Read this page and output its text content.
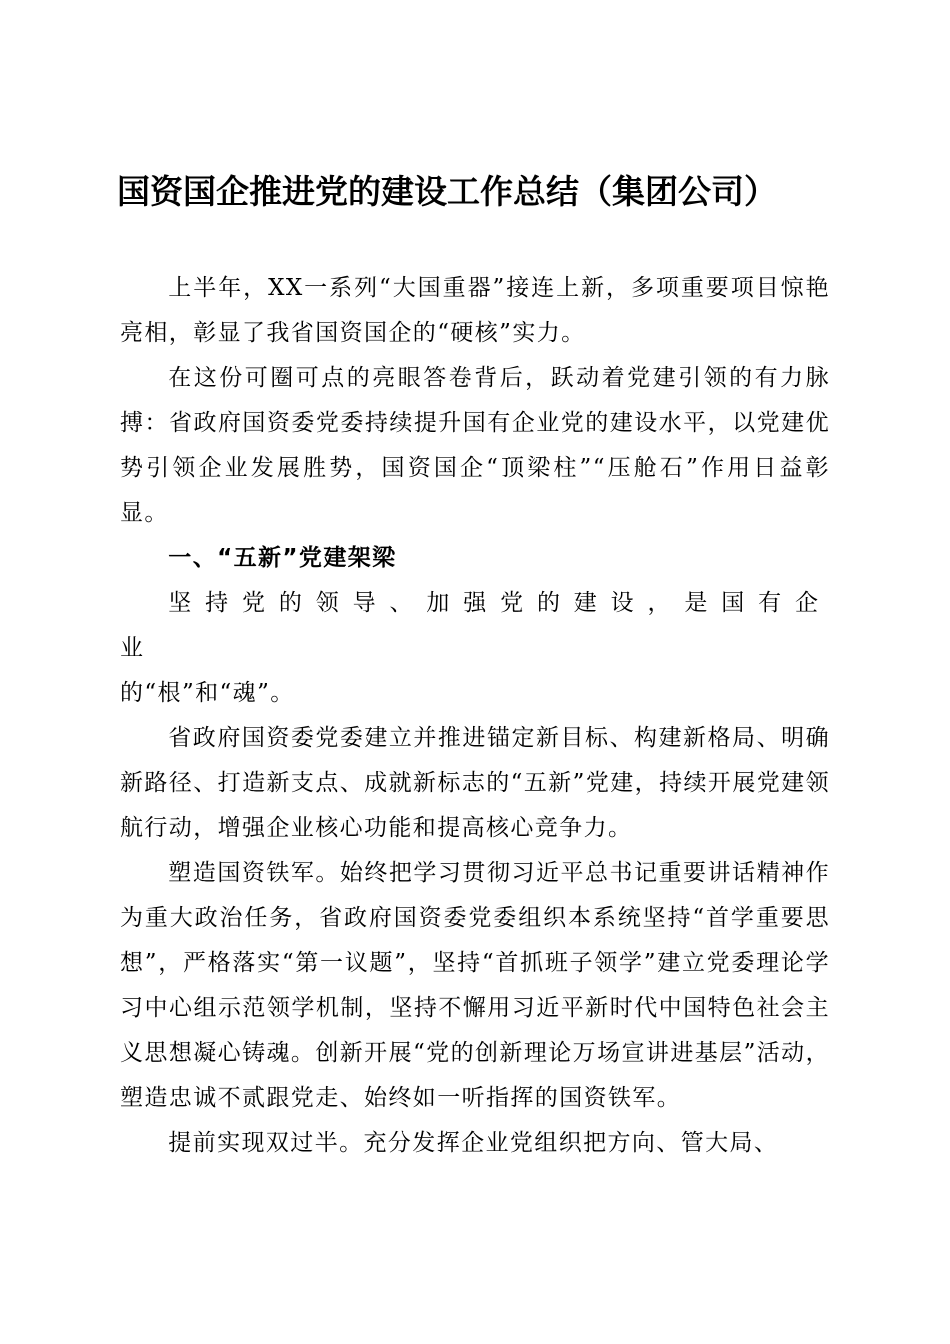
国资国企推进党的建设工作总结（集团公司）

上半年，XX一系列“大国重器”接连上新，多项重要项目惊艳亮相，彰显了我省国资国企的“硬核”实力。

在这份可圈可点的亮眼答卷背后，跃动着党建引领的有力脉搏：省政府国资委党委持续提升国有企业党的建设水平，以党建优势引领企业发展胜势，国资国企“顶梁柱”“压舱石”作用日益彰显。

一、“五新”党建架梁

坚持党的领导、加强党的建设，是国有企业

的“根”和“魂”。

省政府国资委党委建立并推进锚定新目标、构建新格局、明确新路径、打造新支点、成就新标志的“五新”党建，持续开展党建领航行动，增强企业核心功能和提高核心竞争力。

塑造国资铁军。始终把学习贯彻习近平总书记重要讲话精神作为重大政治任务，省政府国资委党委组织本系统坚持“首学重要思想”，严格落实“第一议题”，坚持“首抓班子领学”建立党委理论学习中心组示范领学机制，坚持不懈用习近平新时代中国特色社会主义思想凝心铸魂。创新开展“党的创新理论万场宣讲进基层”活动，塑造忠诚不贰跟党走、始终如一听指挥的国资铁军。

提前实现双过半。充分发挥企业党组织把方向、管大局、
